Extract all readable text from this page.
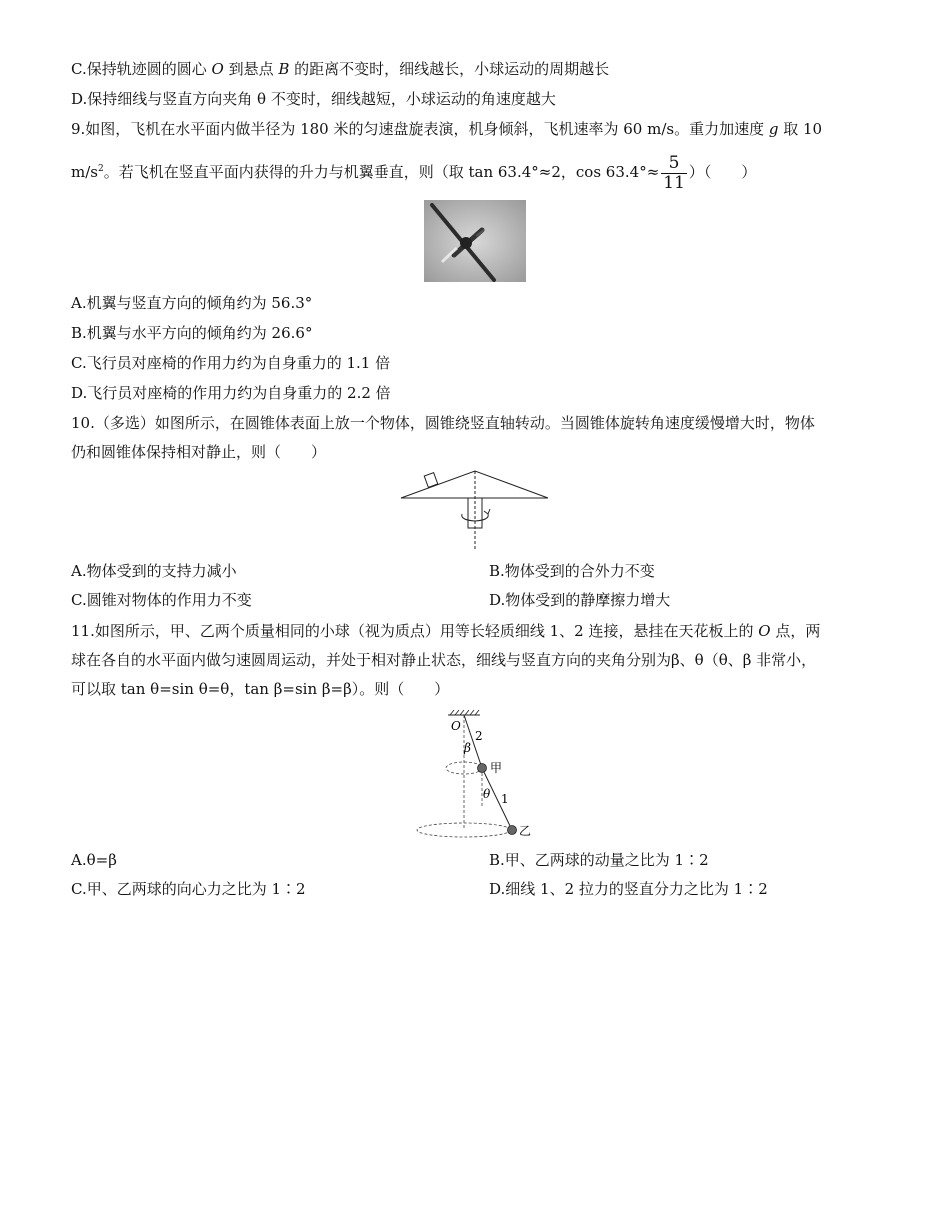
C.保持轨迹圆的圆心 O 到悬点 B 的距离不变时，细线越长，小球运动的周期越长
D.保持细线与竖直方向夹角 θ 不变时，细线越短，小球运动的角速度越大
9.如图，飞机在水平面内做半径为 180 米的匀速盘旋表演，机身倾斜，飞机速率为 60 m/s。重力加速度 g 取 10
$m/s^2$。若飞机在竖直平面内获得的升力与机翼垂直，则（取 tan 63.4°≈2，$\cos 63.4^\circ\approx \frac{5}{11}$ ）（　　）
A.机翼与竖直方向的倾角约为 56.3°
B.机翼与水平方向的倾角约为 26.6°
C.飞行员对座椅的作用力约为自身重力的 1.1 倍
D.飞行员对座椅的作用力约为自身重力的 2.2 倍
10.（多选）如图所示，在圆锥体表面上放一个物体，圆锥绕竖直轴转动。当圆锥体旋转角速度缓慢增大时，物体
仍和圆锥体保持相对静止，则（　　）
A.物体受到的支持力减小	B.物体受到的合外力不变
C.圆锥对物体的作用力不变	D.物体受到的静摩擦力增大
11.如图所示，甲、乙两个质量相同的小球（视为质点）用等长轻质细线 1、2 连接，悬挂在天花板上的 O 点，两
球在各自的水平面内做匀速圆周运动，并处于相对静止状态，细线与竖直方向的夹角分别为β、θ（θ、β 非常小，
可以取 tan θ=sin θ=θ，tan β=sin β=β）。则（　　）
O
β
2
甲
θ 1
乙
A.θ=β	B.甲、乙两球的动量之比为 1∶2
C.甲、乙两球的向心力之比为 1∶2	D.细线 1、2 拉力的竖直分力之比为 1∶2
